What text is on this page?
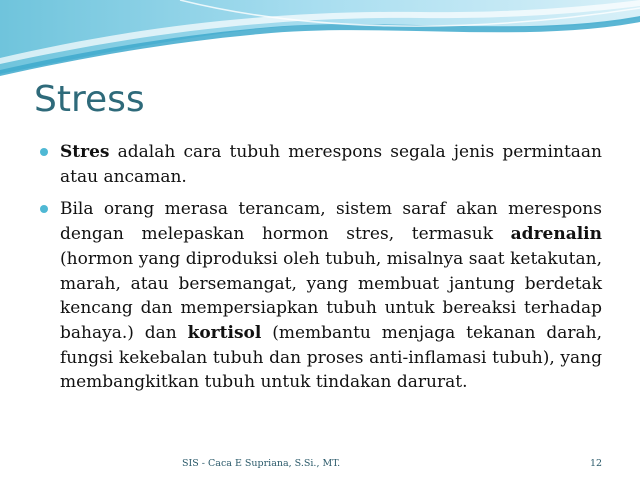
Stress

Stres adalah cara tubuh merespons segala jenis permintaan atau ancaman.

Bila orang merasa terancam, sistem saraf akan merespons dengan melepaskan hormon stres, termasuk adrenalin (hormon yang diproduksi oleh tubuh, misalnya saat ketakutan, marah, atau bersemangat, yang membuat jantung berdetak kencang dan mempersiapkan tubuh untuk bereaksi terhadap bahaya.) dan kortisol (membantu menjaga tekanan darah, fungsi kekebalan tubuh dan proses anti-inflamasi tubuh), yang membangkitkan tubuh untuk tindakan darurat.

SIS - Caca E Supriana, S.Si., MT.	12
